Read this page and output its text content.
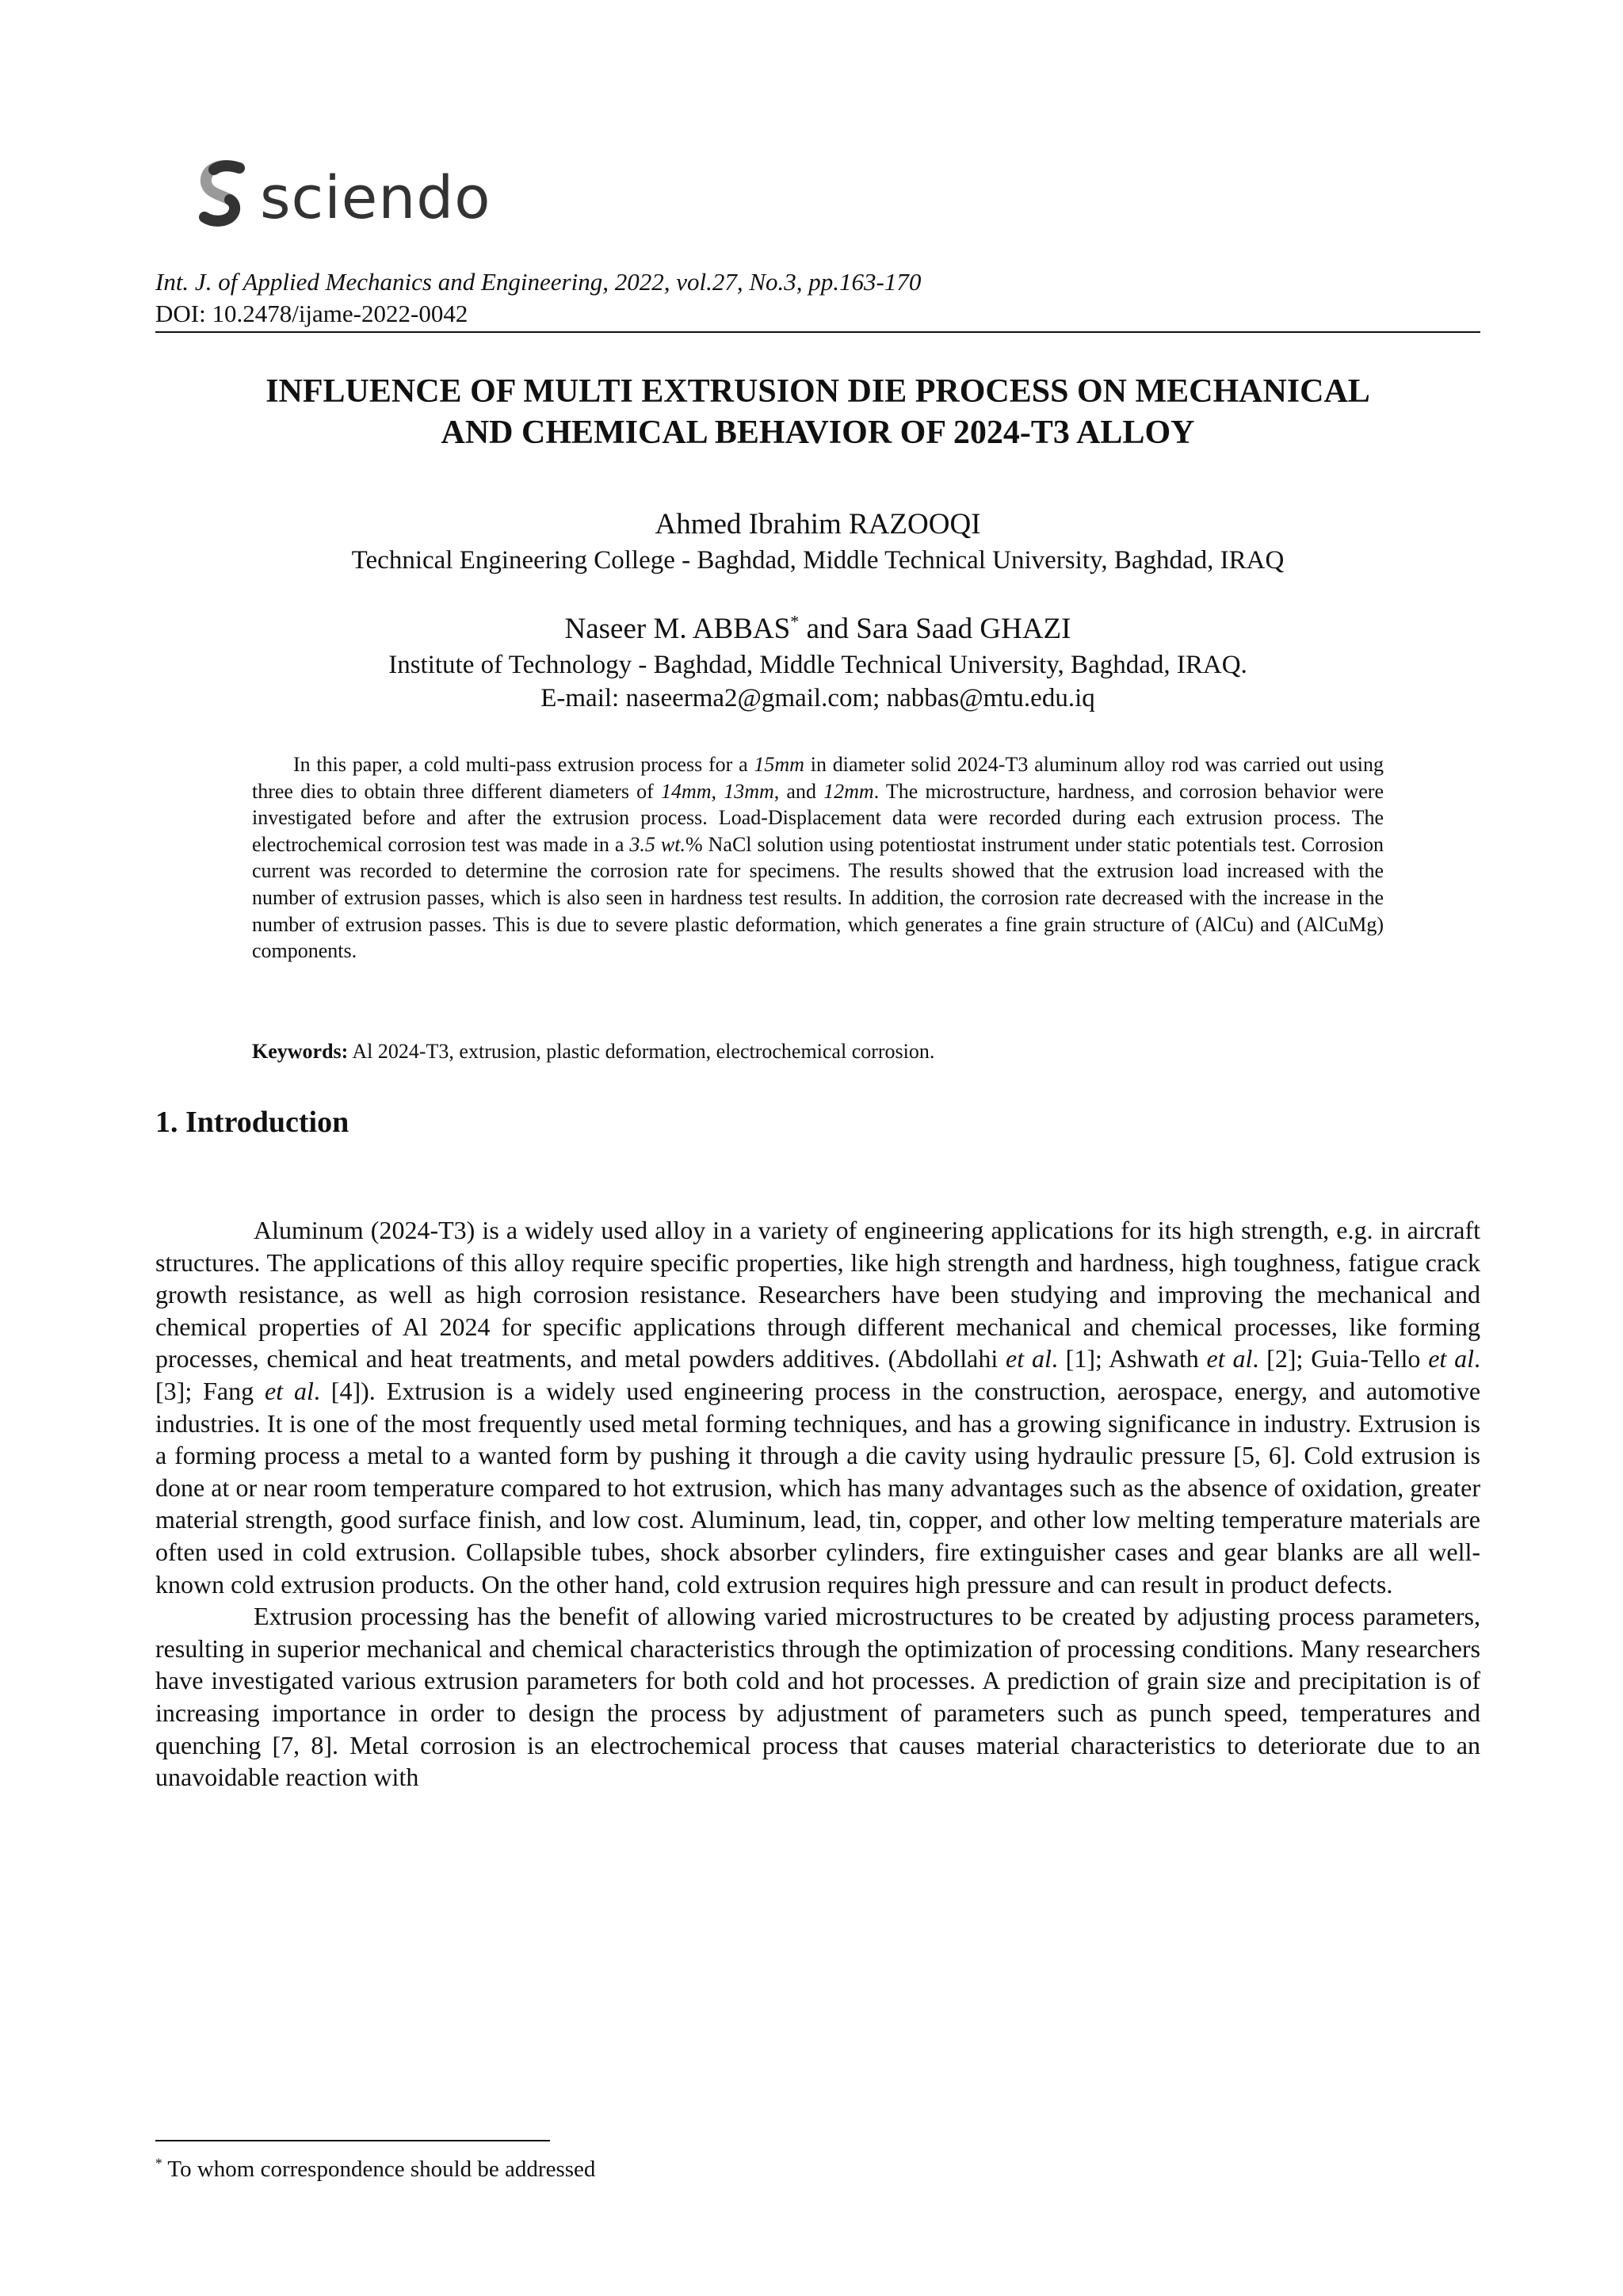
sciendo
Int. J. of Applied Mechanics and Engineering, 2022, vol.27, No.3, pp.163-170
DOI: 10.2478/ijame-2022-0042
INFLUENCE OF MULTI EXTRUSION DIE PROCESS ON MECHANICAL
AND CHEMICAL BEHAVIOR OF 2024-T3 ALLOY
Ahmed Ibrahim RAZOOQI
Technical Engineering College - Baghdad, Middle Technical University, Baghdad, IRAQ
Naseer M. ABBAS* and Sara Saad GHAZI
Institute of Technology - Baghdad, Middle Technical University, Baghdad, IRAQ.
E-mail: naseerma2@gmail.com; nabbas@mtu.edu.iq

In this paper, a cold multi-pass extrusion process for a 15mm in diameter solid 2024-T3 aluminum alloy rod was carried out using three dies to obtain three different diameters of 14mm, 13mm, and 12mm. The microstructure, hardness, and corrosion behavior were investigated before and after the extrusion process. Load-Displacement data were recorded during each extrusion process. The electrochemical corrosion test was made in a 3.5 wt.% NaCl solution using potentiostat instrument under static potentials test. Corrosion current was recorded to determine the corrosion rate for specimens. The results showed that the extrusion load increased with the number of extrusion passes, which is also seen in hardness test results. In addition, the corrosion rate decreased with the increase in the number of extrusion passes. This is due to severe plastic deformation, which generates a fine grain structure of (AlCu) and (AlCuMg) components.

Keywords: Al 2024-T3, extrusion, plastic deformation, electrochemical corrosion.
1. Introduction

Aluminum (2024-T3) is a widely used alloy in a variety of engineering applications for its high strength, e.g. in aircraft structures. The applications of this alloy require specific properties, like high strength and hardness, high toughness, fatigue crack growth resistance, as well as high corrosion resistance. Researchers have been studying and improving the mechanical and chemical properties of Al 2024 for specific applications through different mechanical and chemical processes, like forming processes, chemical and heat treatments, and metal powders additives. (Abdollahi et al. [1]; Ashwath et al. [2]; Guia-Tello et al. [3]; Fang et al. [4]). Extrusion is a widely used engineering process in the construction, aerospace, energy, and automotive industries. It is one of the most frequently used metal forming techniques, and has a growing significance in industry. Extrusion is a forming process a metal to a wanted form by pushing it through a die cavity using hydraulic pressure [5, 6]. Cold extrusion is done at or near room temperature compared to hot extrusion, which has many advantages such as the absence of oxidation, greater material strength, good surface finish, and low cost. Aluminum, lead, tin, copper, and other low melting temperature materials are often used in cold extrusion. Collapsible tubes, shock absorber cylinders, fire extinguisher cases and gear blanks are all well-known cold extrusion products. On the other hand, cold extrusion requires high pressure and can result in product defects.

Extrusion processing has the benefit of allowing varied microstructures to be created by adjusting process parameters, resulting in superior mechanical and chemical characteristics through the optimization of processing conditions. Many researchers have investigated various extrusion parameters for both cold and hot processes. A prediction of grain size and precipitation is of increasing importance in order to design the process by adjustment of parameters such as punch speed, temperatures and quenching [7, 8]. Metal corrosion is an electrochemical process that causes material characteristics to deteriorate due to an unavoidable reaction with

* To whom correspondence should be addressed
